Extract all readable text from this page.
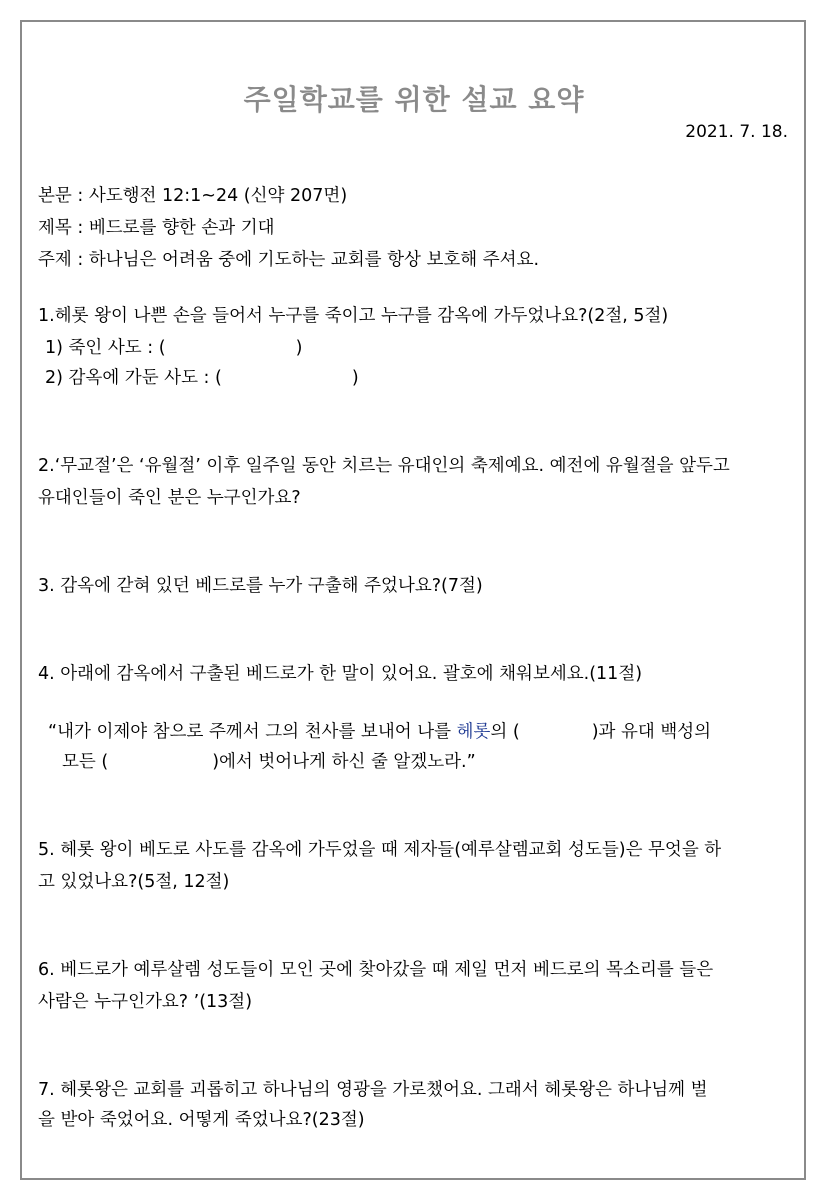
주일학교를 위한 설교 요약
2021. 7. 18.
본문 : 사도행전 12:1~24 (신약 207면)
제목 : 베드로를 향한 손과 기대
주제 : 하나님은 어려움 중에 기도하는 교회를 항상 보호해 주셔요.
1.헤롯 왕이 나쁜 손을 들어서 누구를 죽이고 누구를 감옥에 가두었나요?(2절, 5절)
1) 죽인 사도 : (	)
2) 감옥에 가둔 사도 : (	)
2.‘무교절’은 ‘유월절’ 이후 일주일 동안 치르는 유대인의 축제예요. 예전에 유월절을 앞두고
유대인들이 죽인 분은 누구인가요?
3. 감옥에 갇혀 있던 베드로를 누가 구출해 주었나요?(7절)
4. 아래에 감옥에서 구출된 베드로가 한 말이 있어요. 괄호에 채워보세요.(11절)
“내가 이제야 참으로 주께서 그의 천사를 보내어 나를 헤롯의 (	)과 유대 백성의
모든 (	)에서 벗어나게 하신 줄 알겠노라.”
5. 헤롯 왕이 베도로 사도를 감옥에 가두었을 때 제자들(예루살렘교회 성도들)은 무엇을 하
고 있었나요?(5절, 12절)
6. 베드로가 예루살렘 성도들이 모인 곳에 찾아갔을 때 제일 먼저 베드로의 목소리를 들은
사람은 누구인가요? ’(13절)
7. 헤롯왕은 교회를 괴롭히고 하나님의 영광을 가로챘어요. 그래서 헤롯왕은 하나님께 벌
을 받아 죽었어요. 어떻게 죽었나요?(23절)
